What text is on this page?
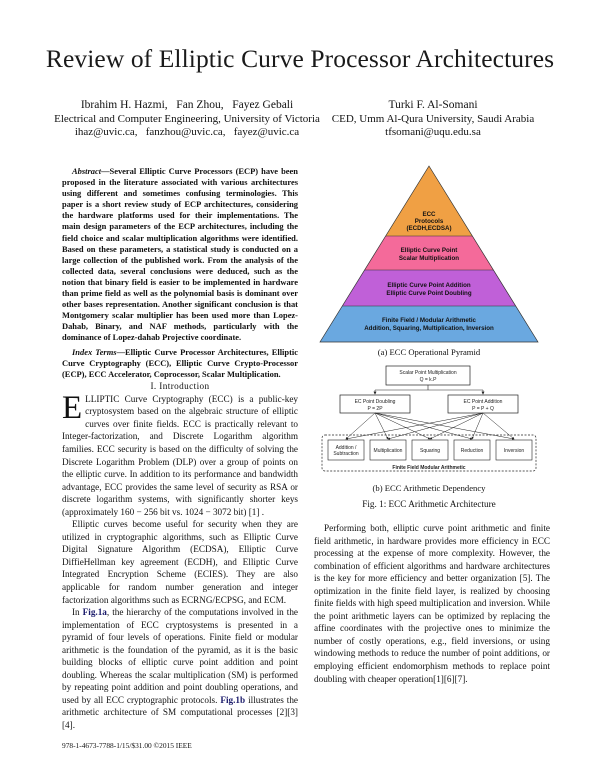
Review of Elliptic Curve Processor Architectures
Ibrahim H. Hazmi,   Fan Zhou,   Fayez Gebali
Electrical and Computer Engineering, University of Victoria
ihaz@uvic.ca,   fanzhou@uvic.ca,   fayez@uvic.ca
Turki F. Al-Somani
CED, Umm Al-Qura University, Saudi Arabia
tfsomani@uqu.edu.sa

Abstract—Several Elliptic Curve Processors (ECP) have been proposed in the literature associated with various architectures using different and sometimes confusing terminologies. This paper is a short review study of ECP architectures, considering the hardware platforms used for their implementations. The main design parameters of the ECP architectures, including the field choice and scalar multiplication algorithms were identified. Based on these parameters, a statistical study is conducted on a large collection of the published work. From the analysis of the collected data, several conclusions were deduced, such as the notion that binary field is easier to be implemented in hardware than prime field as well as the polynomial basis is dominant over other bases representation. Another significant conclusion is that Montgomery scalar multiplier has been used more than Lopez-Dahab, Binary, and NAF methods, particularly with the dominance of Lopez-dahab Projective coordinate.

Index Terms—Elliptic Curve Processor Architectures, Elliptic Curve Cryptography (ECC), Elliptic Curve Crypto-Processor (ECP), ECC Accelerator, Coprocessor, Scalar Multiplication.

I. Introduction

ELLIPTIC Curve Cryptography (ECC) is a public-key cryptosystem based on the algebraic structure of elliptic curves over finite fields. ECC is practically relevant to Integer-factorization, and Discrete Logarithm algorithm families. ECC security is based on the difficulty of solving the Discrete Logarithm Problem (DLP) over a group of points on the elliptic curve. In addition to its performance and bandwidth advantage, ECC provides the same level of security as RSA or discrete logarithm systems, with significantly shorter keys (approximately 160 − 256 bit vs. 1024 − 3072 bit) [1] .

Elliptic curves become useful for security when they are utilized in cryptographic algorithms, such as Elliptic Curve Digital Signature Algorithm (ECDSA), Elliptic Curve DiffieHellman key agreement (ECDH), and Elliptic Curve Integrated Encryption Scheme (ECIES). They are also applicable for random number generation and integer factorization algorithms such as ECRNG/ECPSG, and ECM.

In Fig.1a, the hierarchy of the computations involved in the implementation of ECC cryptosystems is presented in a pyramid of four levels of operations. Finite field or modular arithmetic is the foundation of the pyramid, as it is the basic building blocks of elliptic curve point addition and point doubling. Whereas the scalar multiplication (SM) is performed by repeating point addition and point doubling operations, and used by all ECC cryptographic protocols. Fig.1b illustrates the arithmetic architecture of SM computational processes [2][3][4].

ECC
Protocols
(ECDH,ECDSA)
Elliptic Curve Point
Scalar Multiplication
Elliptic Curve Point Addition
Elliptic Curve Point Doubling
Finite Field / Modular Arithmetic
Addition, Squaring, Multiplication, Inversion
(a) ECC Operational Pyramid
Scalar Point Multiplication
Q = k.P
EC Point Doubling
P = 2P
EC Point Addition
P = P + Q
Addition /
Subtraction	Multiplication	Squaring	Reduction	Inversion
Finite Field Modular Arithmetic
(b) ECC Arithmetic Dependency
Fig. 1: ECC Arithmetic Architecture

Performing both, elliptic curve point arithmetic and finite field arithmetic, in hardware provides more efficiency in ECC processing at the expense of more complexity. However, the combination of efficient algorithms and hardware architectures is the key for more efficiency and better organization [5]. The optimization in the finite field layer, is realized by choosing finite fields with high speed multiplication and inversion. While the point arithmetic layers can be optimized by replacing the affine coordinates with the projective ones to minimize the number of costly operations, e.g., field inversions, or using windowing methods to reduce the number of point additions, or employing efficient endomorphism methods to replace point doubling with cheaper operation[1][6][7].

978-1-4673-7788-1/15/$31.00 ©2015 IEEE
